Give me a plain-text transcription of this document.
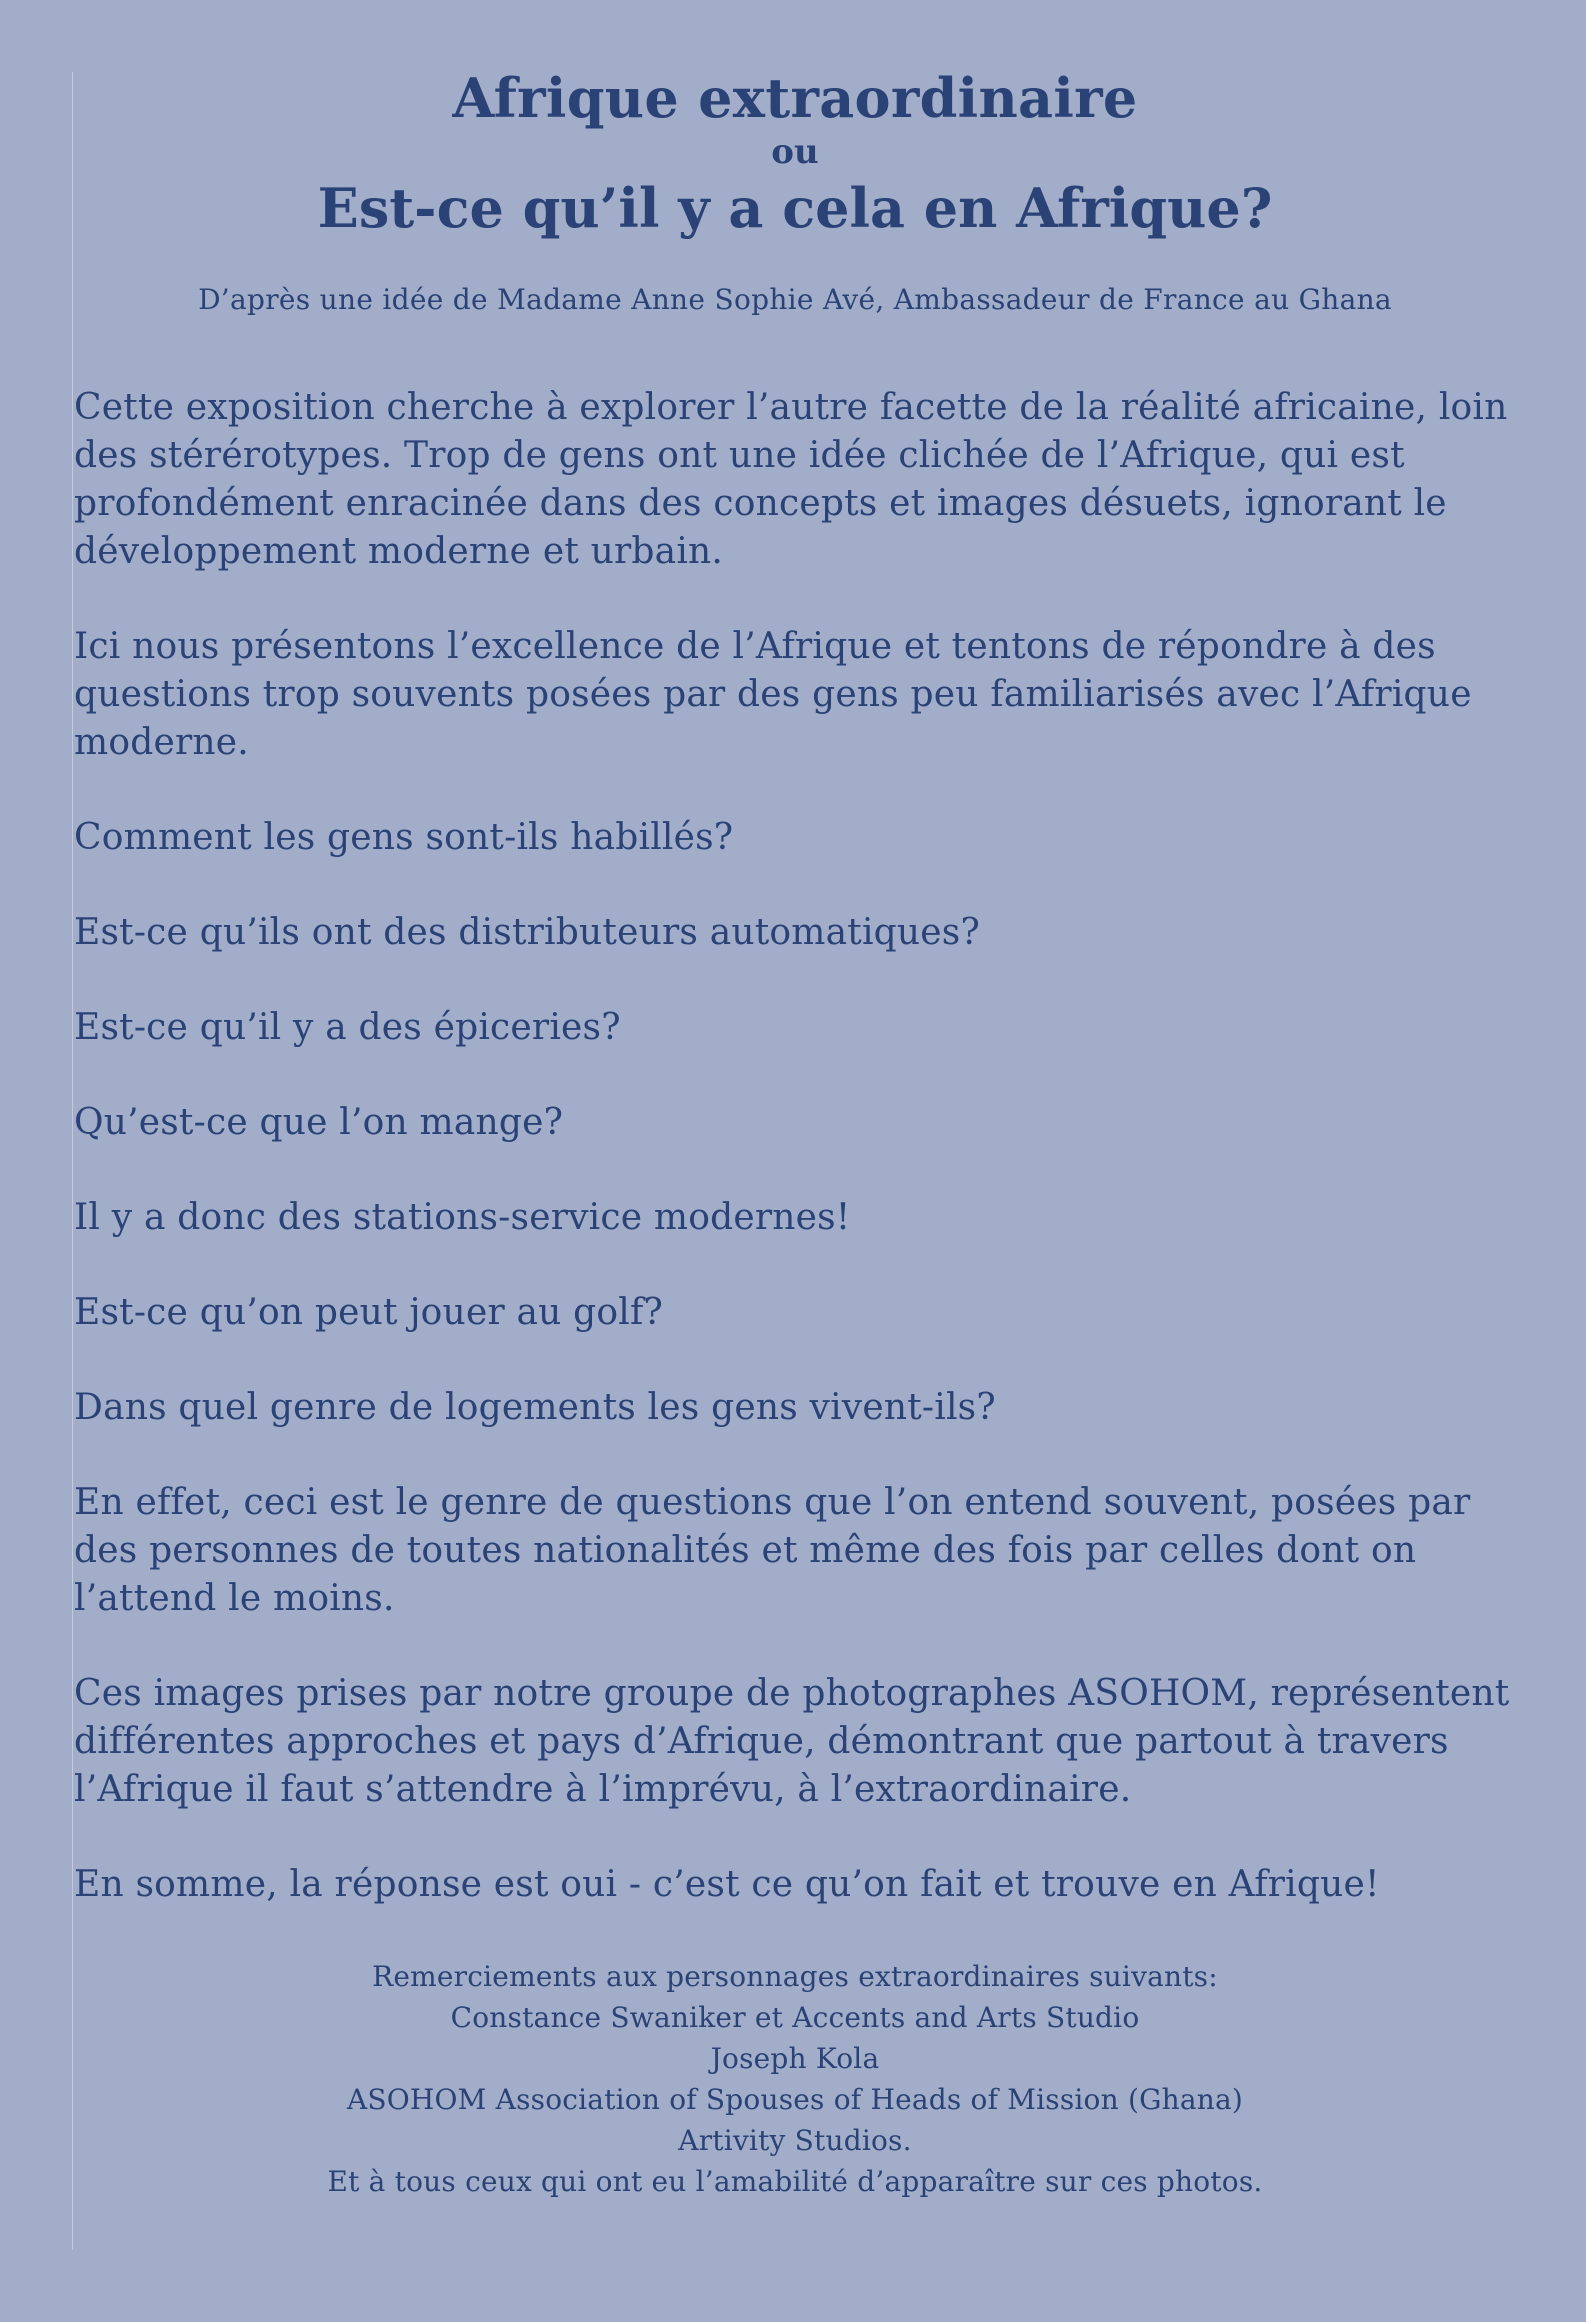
Afrique extraordinaire
ou
Est-ce qu’il y a cela en Afrique?
D’après une idée de Madame Anne Sophie Avé, Ambassadeur de France au Ghana

Cette exposition cherche à explorer l’autre facette de la réalité africaine, loin des stérérotypes. Trop de gens ont une idée clichée de l’Afrique, qui est profondément enracinée dans des concepts et images désuets, ignorant le développement moderne et urbain.

Ici nous présentons l’excellence de l’Afrique et tentons de répondre à des questions trop souvents posées par des gens peu familiarisés avec l’Afrique moderne.

Comment les gens sont-ils habillés?

Est-ce qu’ils ont des distributeurs automatiques?

Est-ce qu’il y a des épiceries?

Qu’est-ce que l’on mange?

Il y a donc des stations-service modernes!

Est-ce qu’on peut jouer au golf?

Dans quel genre de logements les gens vivent-ils?

En effet, ceci est le genre de questions que l’on entend souvent, posées par des personnes de toutes nationalités et même des fois par celles dont on l’attend le moins.

Ces images prises par notre groupe de photographes ASOHOM, représentent différentes approches et pays d’Afrique, démontrant que partout à travers l’Afrique il faut s’attendre à l’imprévu, à l’extraordinaire.

En somme, la réponse est oui - c’est ce qu’on fait et trouve en Afrique!

Remerciements aux personnages extraordinaires suivants:
Constance Swaniker et Accents and Arts Studio
Joseph Kola
ASOHOM Association of Spouses of Heads of Mission (Ghana)
Artivity Studios.
Et à tous ceux qui ont eu l’amabilité d’apparaître sur ces photos.
